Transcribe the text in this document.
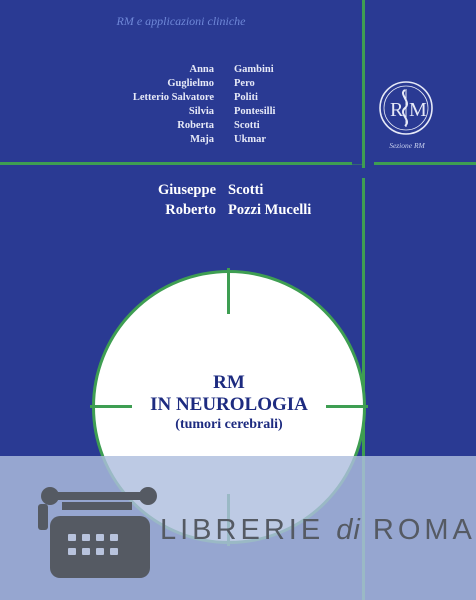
RM e applicazioni cliniche
Anna Gambini
Guglielmo Pero
Letterio Salvatore Politi
Silvia Pontesilli
Roberta Scotti
Maja Ukmar
Giuseppe Scotti
Roberto Pozzi Mucelli
R M
Sezione RM
RM
IN NEUROLOGIA
(tumori cerebrali)
LIBRERIE di ROMA
